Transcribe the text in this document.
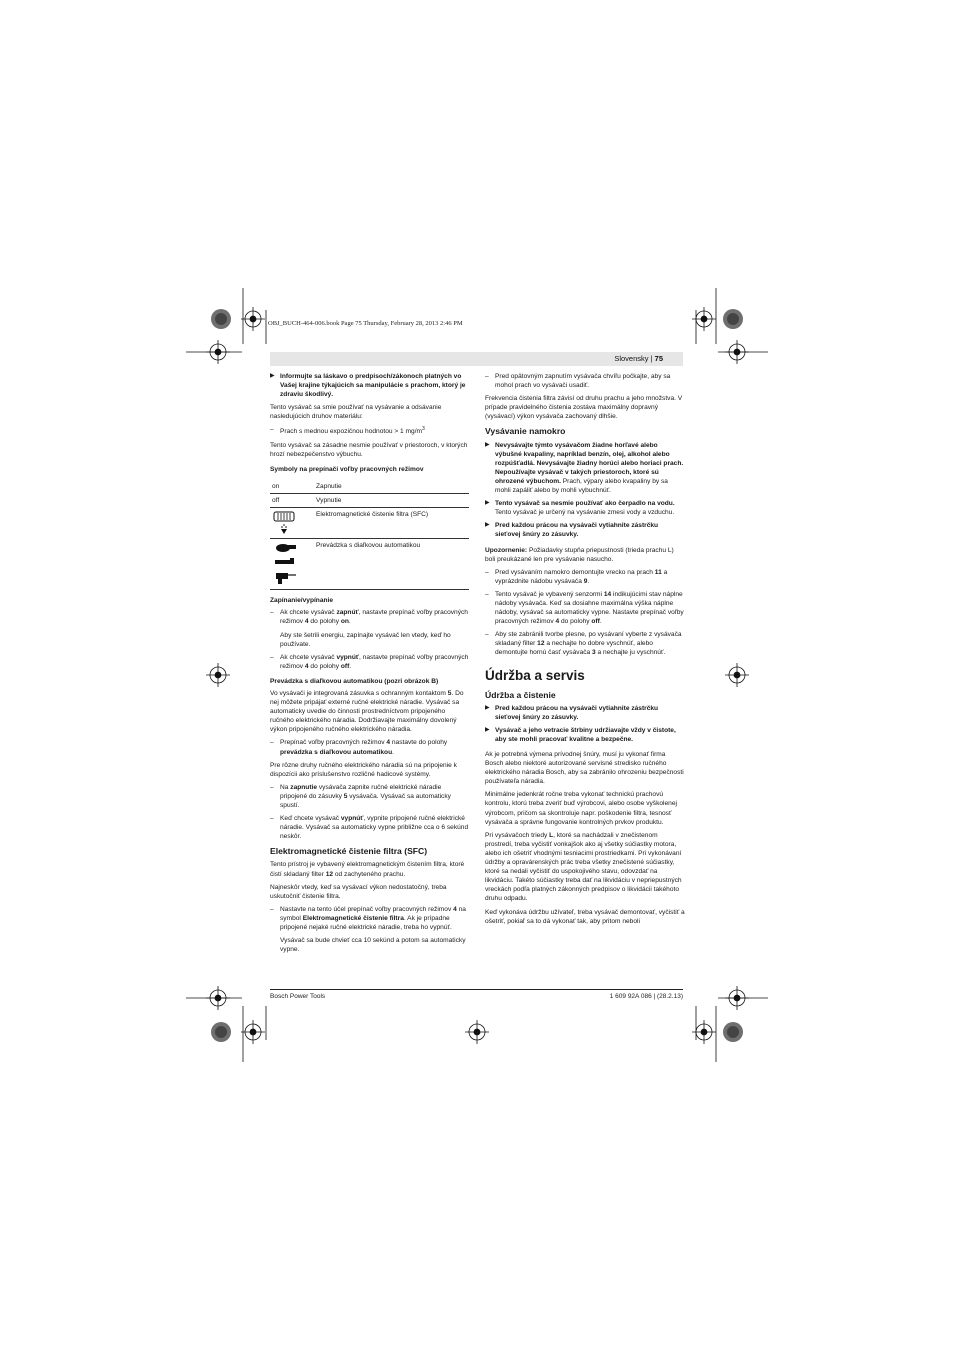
OBJ_BUCH-464-006.book Page 75 Thursday, February 28, 2013 2:46 PM
Slovensky | 75

▶ Informujte sa láskavo o predpisoch/zákonoch platných vo Vašej krajine týkajúcich sa manipulácie s prachom, ktorý je zdraviu škodlivý.

Tento vysávač sa smie používať na vysávanie a odsávanie nasledujúcich druhov materiálu:

– Prach s mednou expozičnou hodnotou > 1 $mg/m^3$

Tento vysávač sa zásadne nesmie používať v priestoroch, v ktorých hrozí nebezpečenstvo výbuchu.

Symboly na prepínači voľby pracovných režimov
on	Zapnutie
off	Vypnutie

	Elektromagnetické čistenie filtra (SFC)

	Prevádzka s diaľkovou automatikou
Zapínanie/vypínanie

– Ak chcete vysávač zapnúť, nastavte prepínač voľby pracovných režimov 4 do polohy on.

Aby ste šetrili energiu, zapínajte vysávač len vtedy, keď ho používate.

– Ak chcete vysávač vypnúť, nastavte prepínač voľby pracovných režimov 4 do polohy off.

Prevádzka s diaľkovou automatikou (pozri obrázok B)

Vo vysávači je integrovaná zásuvka s ochranným kontaktom 5. Do nej môžete pripájať externé ručné elektrické náradie. Vysávač sa automaticky uvedie do činnosti prostredníctvom pripojeného ručného elektrického náradia. Dodržiavajte maximálny dovolený výkon pripojeného ručného elektrického náradia.

– Prepínač voľby pracovných režimov 4 nastavte do polohy prevádzka s diaľkovou automatikou.

Pre rôzne druhy ručného elektrického náradia sú na pripojenie k dispozícii ako príslušenstvo rozličné hadicové systémy.

– Na zapnutie vysávača zapnite ručné elektrické náradie pripojené do zásuvky 5 vysávača. Vysávač sa automaticky spustí.

– Keď chcete vysávač vypnúť, vypnite pripojené ručné elektrické náradie. Vysávač sa automaticky vypne približne cca o 6 sekúnd neskôr.

Elektromagnetické čistenie filtra (SFC)

Tento prístroj je vybavený elektromagnetickým čistením filtra, ktoré čistí skladaný filter 12 od zachyteného prachu.

Najneskôr vtedy, keď sa vysávací výkon nedostatočný, treba uskutočniť čistenie filtra.

– Nastavte na tento účel prepínač voľby pracovných režimov 4 na symbol Elektromagnetické čistenie filtra. Ak je prípadne pripojené nejaké ručné elektrické náradie, treba ho vypnúť.

Vysávač sa bude chvieť cca 10 sekúnd a potom sa automaticky vypne.

– Pred opätovným zapnutím vysávača chvíľu počkajte, aby sa mohol prach vo vysávači usadiť.

Frekvencia čistenia filtra závisí od druhu prachu a jeho množstva. V prípade pravidelného čistenia zostáva maximálny dopravný (vysávací) výkon vysávača zachovaný dlhšie.

Vysávanie namokro

▶ Nevysávajte týmto vysávačom žiadne horľavé alebo výbušné kvapaliny, napríklad benzín, olej, alkohol alebo rozpúšťadlá. Nevysávajte žiadny horúci alebo horiaci prach. Nepoužívajte vysávač v takých priestoroch, ktoré sú ohrozené výbuchom. Prach, výpary alebo kvapaliny by sa mohli zapáliť alebo by mohli vybuchnúť.

▶ Tento vysávač sa nesmie používať ako čerpadlo na vodu. Tento vysávač je určený na vysávanie zmesi vody a vzduchu.

▶ Pred každou prácou na vysávači vytiahnite zástrčku sieťovej šnúry zo zásuvky.

Upozornenie: Požiadavky stupňa priepustnosti (trieda prachu L) boli preukázané len pre vysávanie nasucho.

– Pred vysávaním namokro demontujte vrecko na prach 11 a vyprázdnite nádobu vysávača 9.

– Tento vysávač je vybavený senzormi 14 indikujúcimi stav náplne nádoby vysávača. Keď sa dosiahne maximálna výška náplne nádoby, vysávač sa automaticky vypne. Nastavte prepínač voľby pracovných režimov 4 do polohy off.

– Aby ste zabránili tvorbe plesne, po vysávaní vyberte z vysávača skladaný filter 12 a nechajte ho dobre vyschnúť, alebo demontujte hornú časť vysávača 3 a nechajte ju vyschnúť.

Údržba a servis
Údržba a čistenie

▶ Pred každou prácou na vysávači vytiahnite zástrčku sieťovej šnúry zo zásuvky.

▶ Vysávač a jeho vetracie štrbiny udržiavajte vždy v čistote, aby ste mohli pracovať kvalitne a bezpečne.

Ak je potrebná výmena prívodnej šnúry, musí ju vykonať firma Bosch alebo niektoré autorizované servisné stredisko ručného elektrického náradia Bosch, aby sa zabránilo ohrozeniu bezpečnosti používateľa náradia.

Minimálne jedenkrát ročne treba vykonať technickú prachovú kontrolu, ktorú treba zveriť buď výrobcovi, alebo osobe vyškolenej výrobcom, pričom sa skontroluje napr. poškodenie filtra, tesnosť vysávača a správne fungovanie kontrolných prvkov produktu.

Pri vysávačoch triedy L, ktoré sa nachádzali v znečistenom prostredí, treba vyčistiť vonkajšok ako aj všetky súčiastky motora, alebo ich ošetriť vhodnými tesniacimi prostriedkami. Pri vykonávaní údržby a opravárenských prác treba všetky znečistené súčiastky, ktoré sa nedali vyčistiť do uspokojivého stavu, odovzdať na likvidáciu. Takéto súčiastky treba dať na likvidáciu v nepriepustných vreckách podľa platných zákonných predpisov o likvidácii takéhoto druhu odpadu.

Keď vykonáva údržbu užívateľ, treba vysávač demontovať, vyčistiť a ošetriť, pokiaľ sa to dá vykonať tak, aby pritom neboli

Bosch Power Tools	1 609 92A 086 | (28.2.13)
